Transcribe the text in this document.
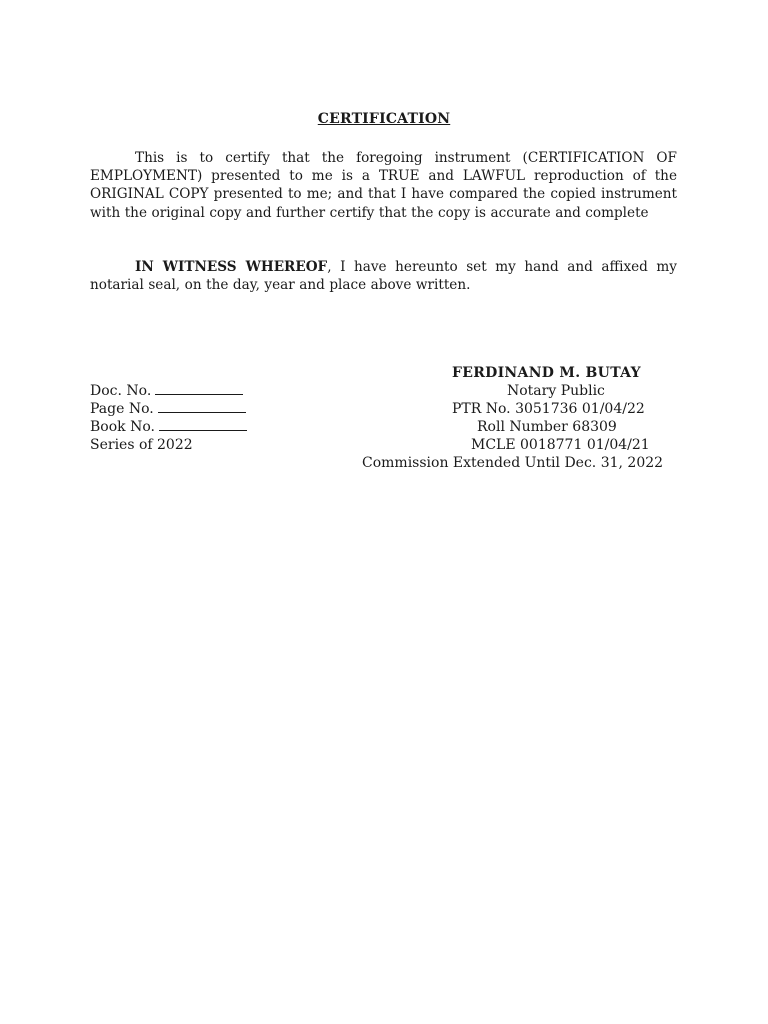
CERTIFICATION
This is to certify that the foregoing instrument (CERTIFICATION OF EMPLOYMENT) presented to me is a TRUE and LAWFUL reproduction of the ORIGINAL COPY presented to me; and that I have compared the copied instrument with the original copy and further certify that the copy is accurate and complete
IN WITNESS WHEREOF, I have hereunto set my hand and affixed my notarial seal, on the day, year and place above written.
Doc. No.
Page No.
Book No.
Series of 2022
FERDINAND M. BUTAY
Notary Public
PTR No. 3051736 01/04/22
Roll Number 68309
MCLE 0018771 01/04/21
Commission Extended Until Dec. 31, 2022
